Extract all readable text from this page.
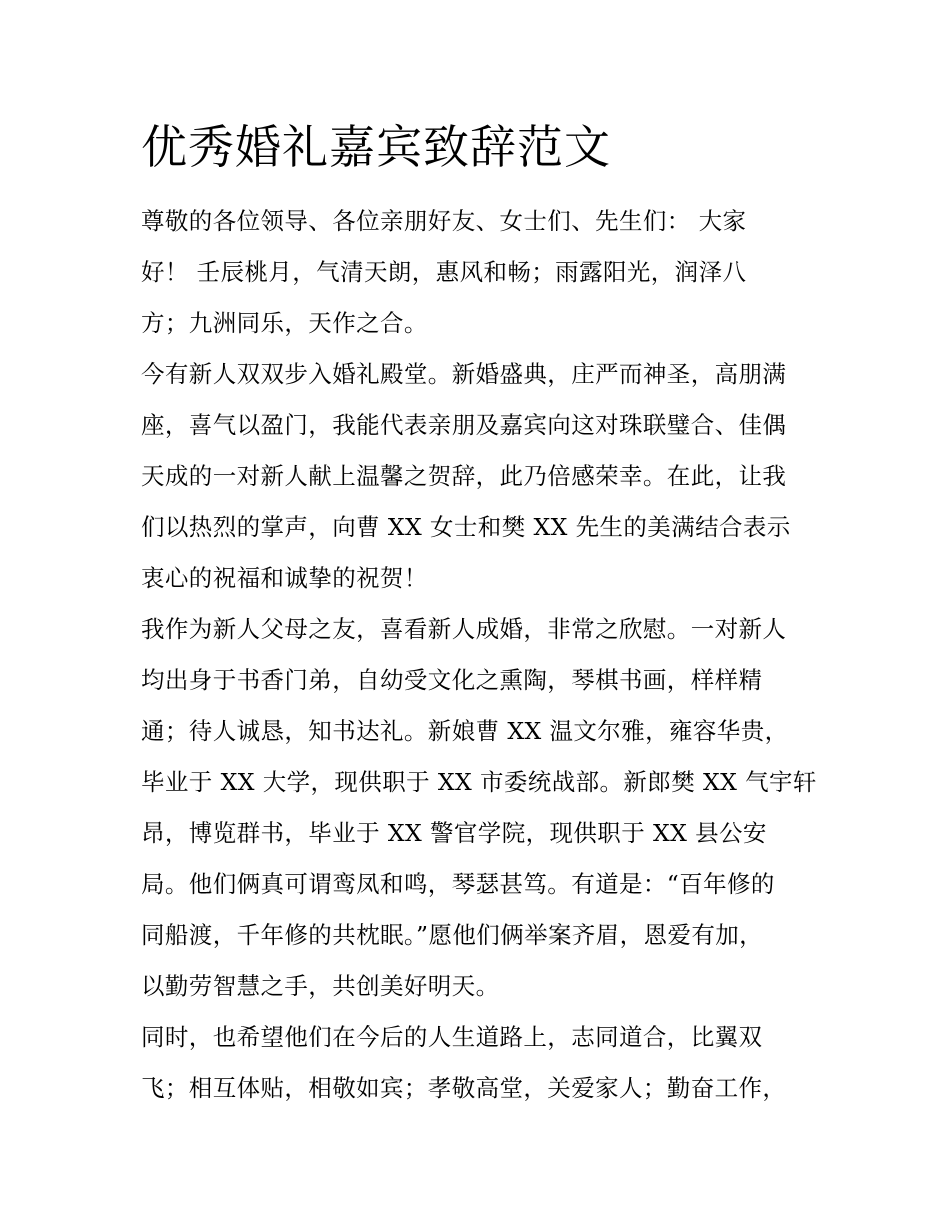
优秀婚礼嘉宾致辞范文
尊敬的各位领导、各位亲朋好友、女士们、先生们： 大家
好！ 壬辰桃月，气清天朗，惠风和畅；雨露阳光，润泽八
方；九洲同乐，天作之合。
今有新人双双步入婚礼殿堂。新婚盛典，庄严而神圣，高朋满
座，喜气以盈门，我能代表亲朋及嘉宾向这对珠联璧合、佳偶
天成的一对新人献上温馨之贺辞，此乃倍感荣幸。在此，让我
们以热烈的掌声，向曹 XX 女士和樊 XX 先生的美满结合表示
衷心的祝福和诚挚的祝贺！
我作为新人父母之友，喜看新人成婚，非常之欣慰。一对新人
均出身于书香门弟，自幼受文化之熏陶，琴棋书画，样样精
通；待人诚恳，知书达礼。新娘曹 XX 温文尔雅，雍容华贵，
毕业于 XX 大学，现供职于 XX 市委统战部。新郎樊 XX 气宇轩
昂，博览群书，毕业于 XX 警官学院，现供职于 XX 县公安
局。他们俩真可谓鸾凤和鸣，琴瑟甚笃。有道是：“百年修的
同船渡，千年修的共枕眠。”愿他们俩举案齐眉，恩爱有加，
以勤劳智慧之手，共创美好明天。
同时，也希望他们在今后的人生道路上，志同道合，比翼双
飞；相互体贴，相敬如宾；孝敬高堂，关爱家人；勤奋工作，
